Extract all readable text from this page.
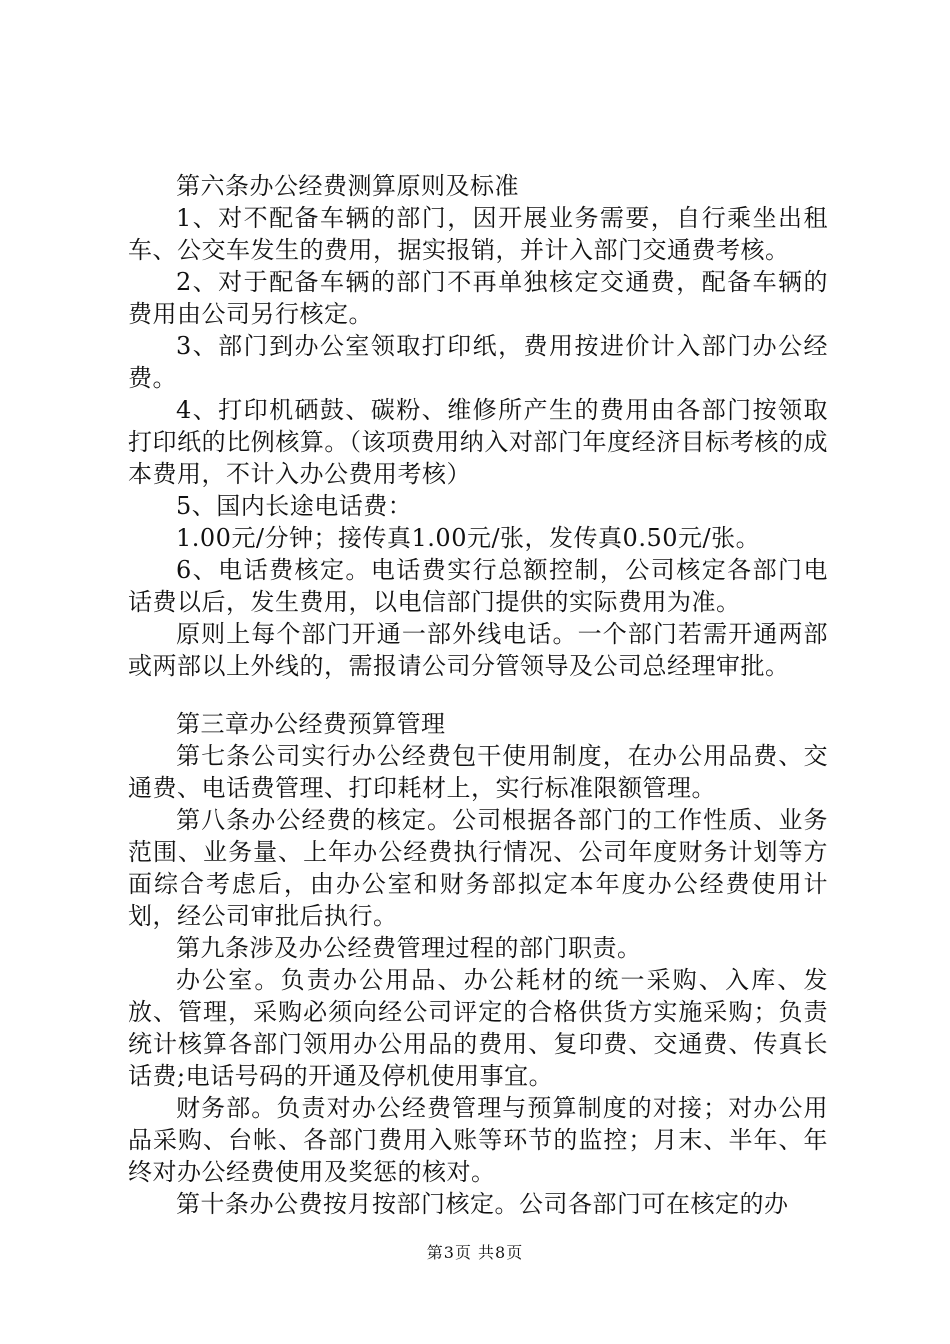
第六条办公经费测算原则及标准

1、对不配备车辆的部门，因开展业务需要，自行乘坐出租车、公交车发生的费用，据实报销，并计入部门交通费考核。

2、对于配备车辆的部门不再单独核定交通费，配备车辆的费用由公司另行核定。

3、部门到办公室领取打印纸，费用按进价计入部门办公经费。

4、打印机硒鼓、碳粉、维修所产生的费用由各部门按领取打印纸的比例核算。（该项费用纳入对部门年度经济目标考核的成本费用，不计入办公费用考核）

5、国内长途电话费：

1.00元/分钟；接传真1.00元/张，发传真0.50元/张。

6、电话费核定。电话费实行总额控制，公司核定各部门电话费以后，发生费用，以电信部门提供的实际费用为准。

原则上每个部门开通一部外线电话。一个部门若需开通两部或两部以上外线的，需报请公司分管领导及公司总经理审批。

第三章办公经费预算管理

第七条公司实行办公经费包干使用制度，在办公用品费、交通费、电话费管理、打印耗材上，实行标准限额管理。

第八条办公经费的核定。公司根据各部门的工作性质、业务范围、业务量、上年办公经费执行情况、公司年度财务计划等方面综合考虑后，由办公室和财务部拟定本年度办公经费使用计划，经公司审批后执行。

第九条涉及办公经费管理过程的部门职责。

办公室。负责办公用品、办公耗材的统一采购、入库、发放、管理，采购必须向经公司评定的合格供货方实施采购；负责统计核算各部门领用办公用品的费用、复印费、交通费、传真长话费;电话号码的开通及停机使用事宜。

财务部。负责对办公经费管理与预算制度的对接；对办公用品采购、台帐、各部门费用入账等环节的监控；月末、半年、年终对办公经费使用及奖惩的核对。

第十条办公费按月按部门核定。公司各部门可在核定的办

第3页 共8页
